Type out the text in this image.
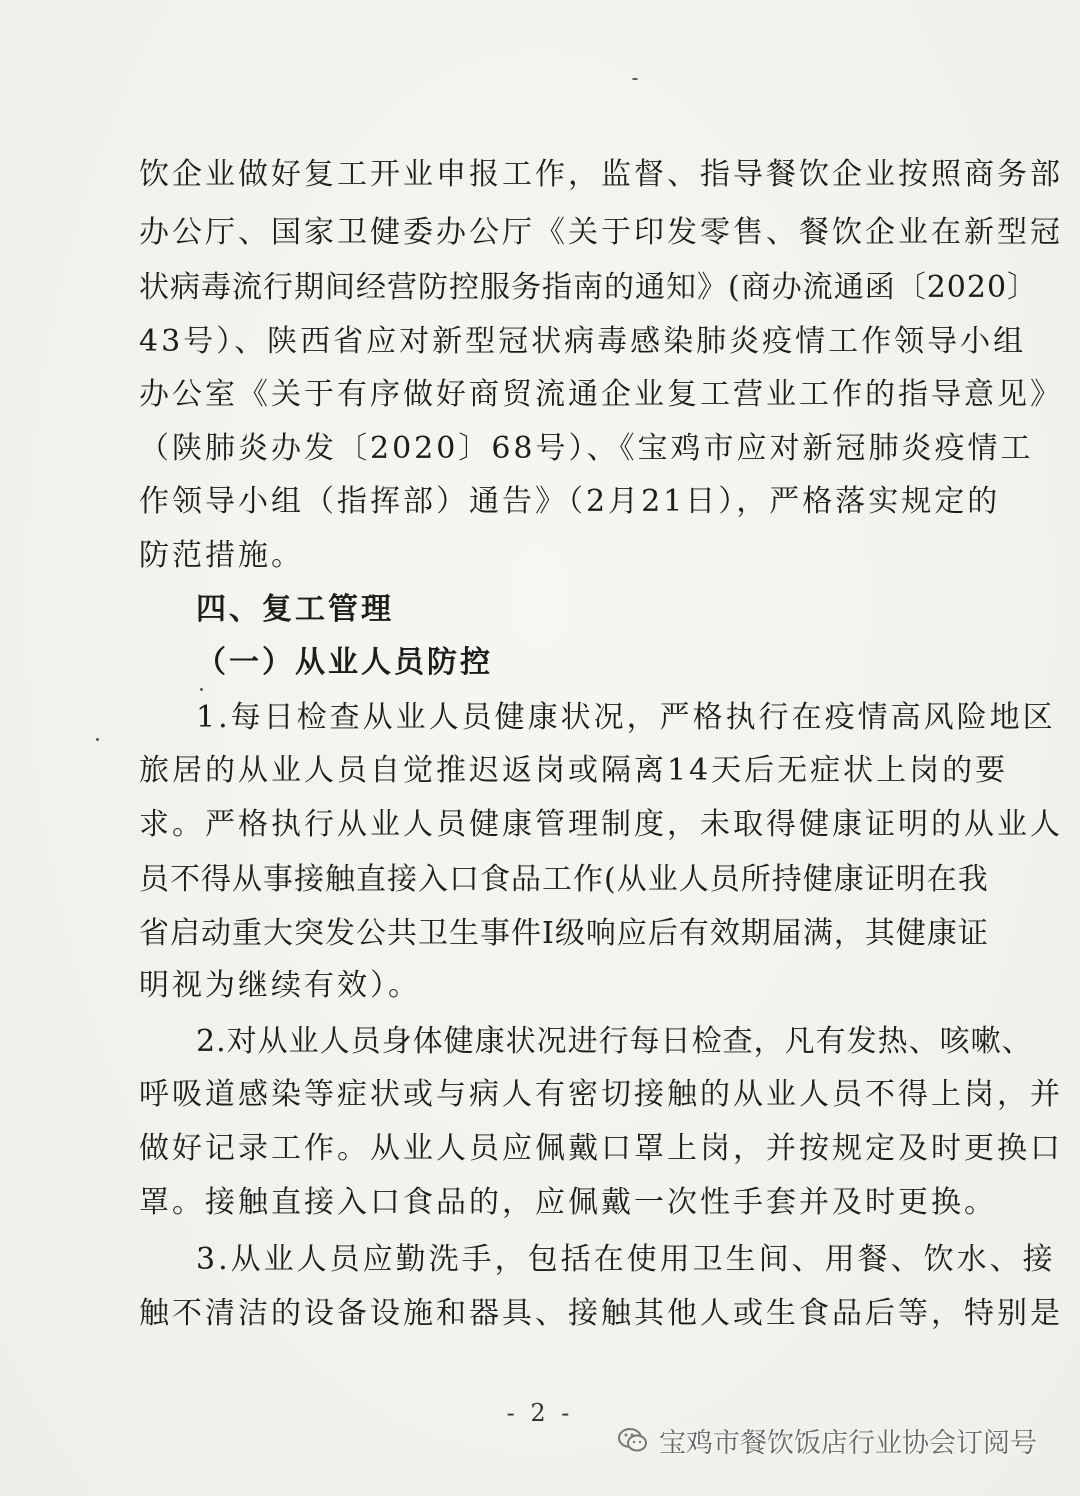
饮企业做好复工开业申报工作，监督、指导餐饮企业按照商务部
办公厅、国家卫健委办公厅《关于印发零售、餐饮企业在新型冠
状病毒流行期间经营防控服务指南的通知》(商办流通函〔2020〕
43号）、陕西省应对新型冠状病毒感染肺炎疫情工作领导小组
办公室《关于有序做好商贸流通企业复工营业工作的指导意见》
（陕肺炎办发〔2020〕68号）、《宝鸡市应对新冠肺炎疫情工
作领导小组（指挥部）通告》（2月21日），严格落实规定的
防范措施。
四、复工管理
（一）从业人员防控
1.每日检查从业人员健康状况，严格执行在疫情高风险地区
旅居的从业人员自觉推迟返岗或隔离14天后无症状上岗的要
求。严格执行从业人员健康管理制度，未取得健康证明的从业人
员不得从事接触直接入口食品工作(从业人员所持健康证明在我
省启动重大突发公共卫生事件Ⅰ级响应后有效期届满，其健康证
明视为继续有效）。
2.对从业人员身体健康状况进行每日检查，凡有发热、咳嗽、
呼吸道感染等症状或与病人有密切接触的从业人员不得上岗，并
做好记录工作。从业人员应佩戴口罩上岗，并按规定及时更换口
罩。接触直接入口食品的，应佩戴一次性手套并及时更换。
3.从业人员应勤洗手，包括在使用卫生间、用餐、饮水、接
触不清洁的设备设施和器具、接触其他人或生食品后等，特别是
- 2 -
宝鸡市餐饮饭店行业协会订阅号
